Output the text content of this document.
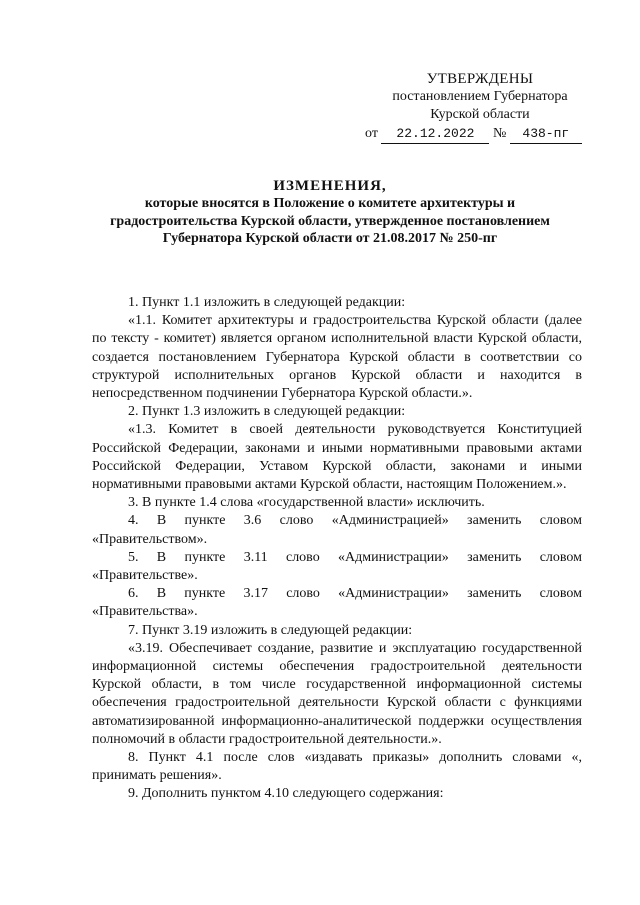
УТВЕРЖДЕНЫ
постановлением Губернатора
Курской области
от 22.12.2022 № 438-пг
ИЗМЕНЕНИЯ,
которые вносятся в Положение о комитете архитектуры и градостроительства Курской области, утвержденное постановлением Губернатора Курской области от 21.08.2017 № 250-пг

1. Пункт 1.1 изложить в следующей редакции:

«1.1. Комитет архитектуры и градостроительства Курской области (далее по тексту - комитет) является органом исполнительной власти Курской области, создается постановлением Губернатора Курской области в соответствии со структурой исполнительных органов Курской области и находится в непосредственном подчинении Губернатора Курской области.».

2. Пункт 1.3 изложить в следующей редакции:

«1.3. Комитет в своей деятельности руководствуется Конституцией Российской Федерации, законами и иными нормативными правовыми актами Российской Федерации, Уставом Курской области, законами и иными нормативными правовыми актами Курской области, настоящим Положением.».

3. В пункте 1.4 слова «государственной власти» исключить.

4. В пункте 3.6 слово «Администрацией» заменить словом «Правительством».

5. В пункте 3.11 слово «Администрации» заменить словом «Правительстве».

6. В пункте 3.17 слово «Администрации» заменить словом «Правительства».

7. Пункт 3.19 изложить в следующей редакции:

«3.19. Обеспечивает создание, развитие и эксплуатацию государственной информационной системы обеспечения градостроительной деятельности Курской области, в том числе государственной информационной системы обеспечения градостроительной деятельности Курской области с функциями автоматизированной информационно-аналитической поддержки осуществления полномочий в области градостроительной деятельности.».

8. Пункт 4.1 после слов «издавать приказы» дополнить словами «, принимать решения».

9. Дополнить пунктом 4.10 следующего содержания:
